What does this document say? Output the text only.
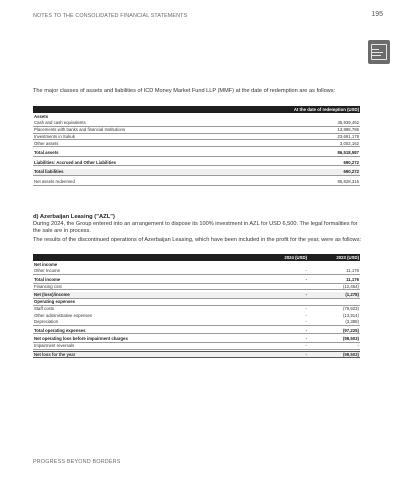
NOTES TO THE CONSOLIDATED FINANCIAL STATEMENTS	195
The major classes of assets and liabilities of ICD Money Market Fund LLP (MMF) at the date of redemption are as follows:
	At the date of redemption (USD)
Assets	
Cash and cash equivalents	45,939,462
Placements with banks and financial Institutions	13,885,785
Investments in Sukuk	23,691,178
Other assets	3,002,162

Total assets	86,518,587

Liabilities: Accrued and Other Liabilities	690,272

Total liabilities	690,272

Net assets redeemed	85,828,315
d) Azerbaijan Leasing ("AZL")
During 2024, the Group entered into an arrangement to dispose its 100% investment in AZL for USD 6,500. The legal formalities for the sale are in process.
The results of the discontinued operations of Azerbaijan Leasing, which have been included in the profit for the year, were as follows:
	2024 (USD)	2023 (USD)
Net income		
Other Income	-	11,176

Total income	-	11,176
Financing cost		(12,454)

Net (loss)/income	-	(1,278)
Operating expenses		
Staff costs	-	(79,923)
Other administrative expenses	-	(13,914)
Depreciation	-	(3,388)

Total operating expenses	-	(97,225)

Net operating loss before impairment charges	-	(98,503)
Impairment reversals	-	-

Net loss for the year	-	(98,503)
PROGRESS BEYOND BORDERS
